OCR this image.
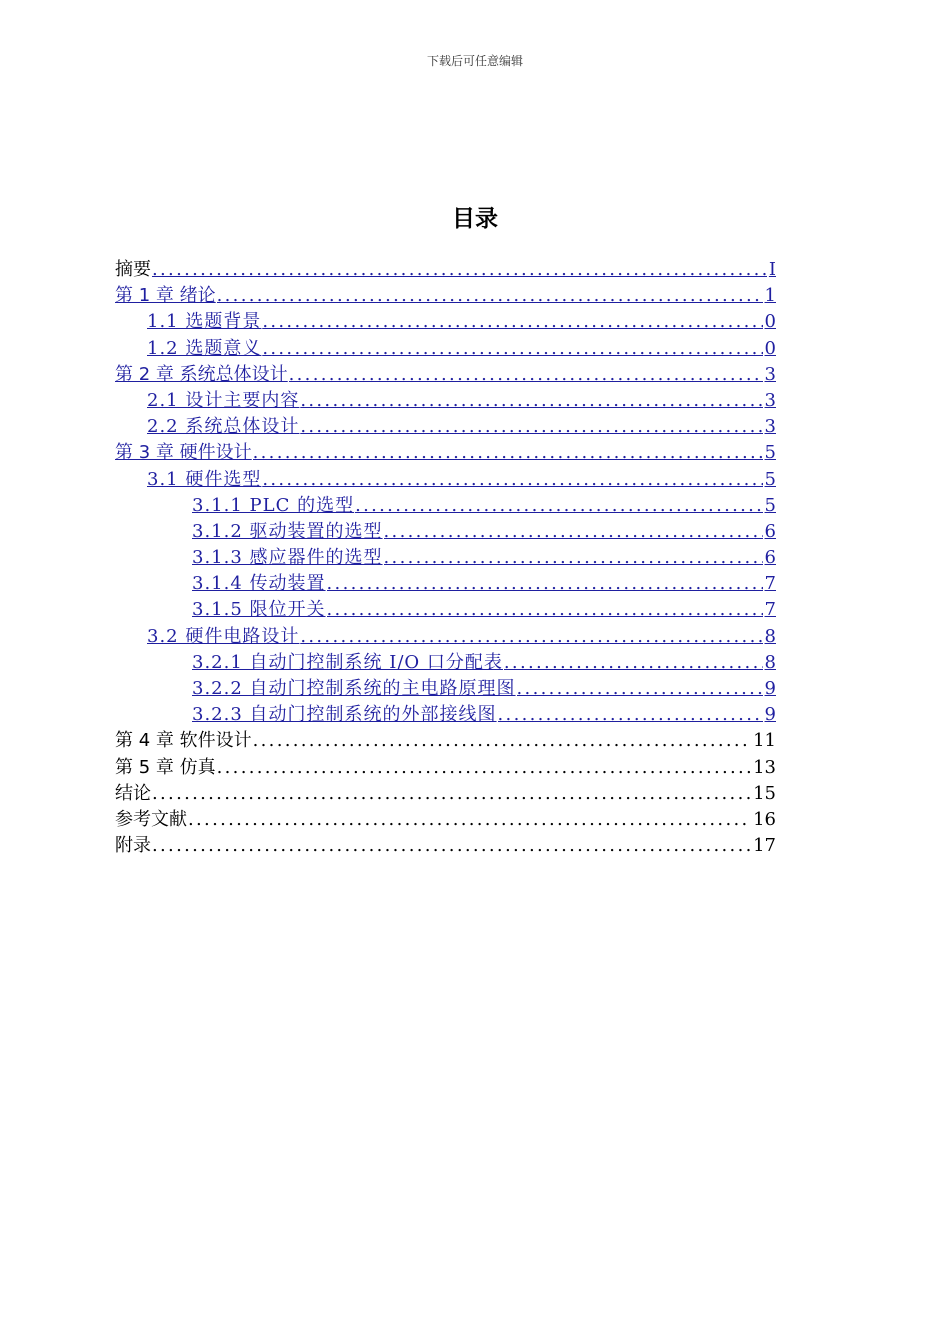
下载后可任意编辑
目录
摘要 .....	I
第 1 章 绪论 .....	1
1.1 选题背景 .....	0
1.2 选题意义 .....	0
第 2 章 系统总体设计 .....	3
2.1 设计主要内容 .....	3
2.2 系统总体设计 .....	3
第 3 章 硬件设计 .....	5
3.1 硬件选型 .....	5
3.1.1 PLC 的选型 .....	5
3.1.2 驱动装置的选型 .....	6
3.1.3 感应器件的选型 .....	6
3.1.4 传动装置 .....	7
3.1.5 限位开关 .....	7
3.2 硬件电路设计 .....	8
3.2.1 自动门控制系统 I/O 口分配表 .....	8
3.2.2 自动门控制系统的主电路原理图 .....	9
3.2.3 自动门控制系统的外部接线图 .....	9
第 4 章 软件设计 .....	11
第 5 章 仿真 .....	13
结论 .....	15
参考文献 .....	16
附录 .....	17
